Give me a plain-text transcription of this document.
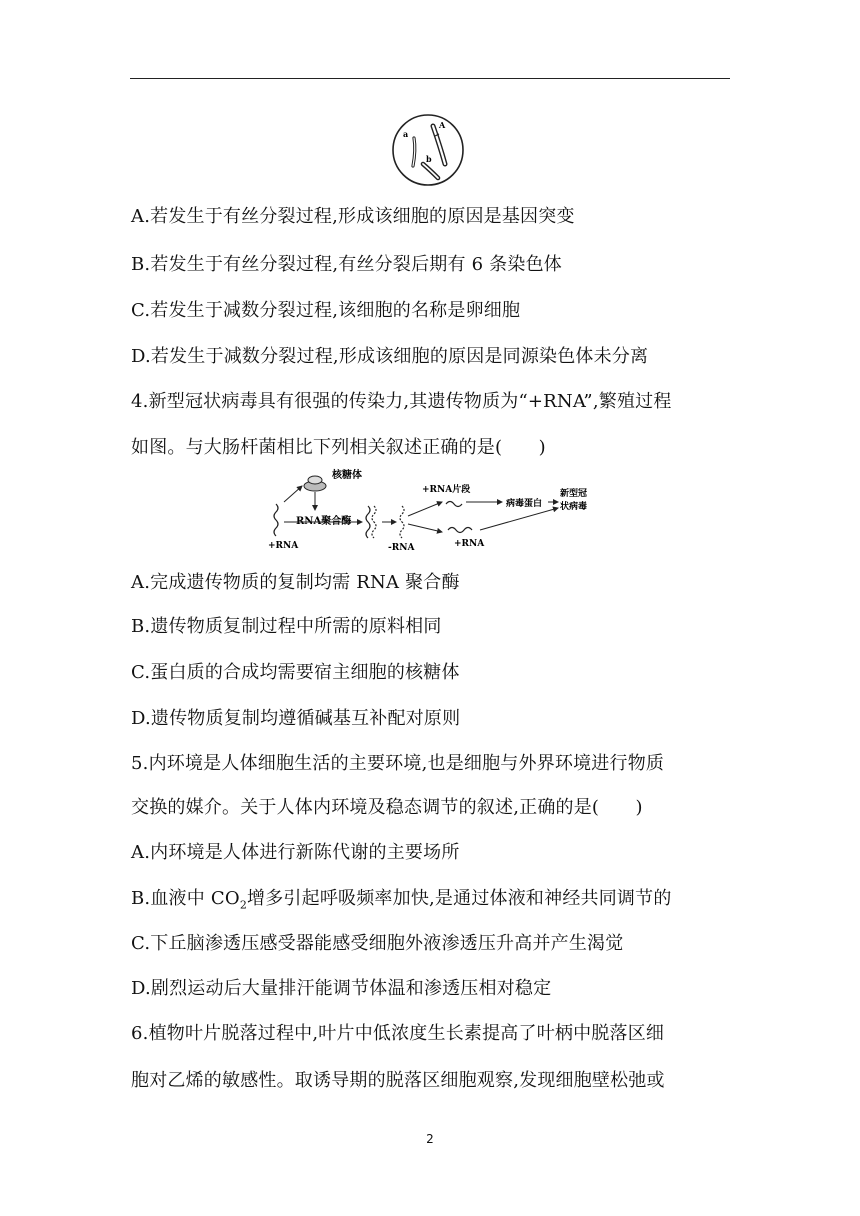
a
A
b
A.若发生于有丝分裂过程,形成该细胞的原因是基因突变
B.若发生于有丝分裂过程,有丝分裂后期有 6 条染色体
C.若发生于减数分裂过程,该细胞的名称是卵细胞
D.若发生于减数分裂过程,形成该细胞的原因是同源染色体未分离
4.新型冠状病毒具有很强的传染力,其遗传物质为“+RNA”,繁殖过程
如图。与大肠杆菌相比下列相关叙述正确的是(　　)
核糖体
RNA聚合酶
+RNA	-RNA
+RNA片段
病毒蛋白
+RNA
新型冠
状病毒
A.完成遗传物质的复制均需 RNA 聚合酶
B.遗传物质复制过程中所需的原料相同
C.蛋白质的合成均需要宿主细胞的核糖体
D.遗传物质复制均遵循碱基互补配对原则
5.内环境是人体细胞生活的主要环境,也是细胞与外界环境进行物质
交换的媒介。关于人体内环境及稳态调节的叙述,正确的是(　　)
A.内环境是人体进行新陈代谢的主要场所
B.血液中 $CO_2$增多引起呼吸频率加快,是通过体液和神经共同调节的
C.下丘脑渗透压感受器能感受细胞外液渗透压升高并产生渴觉
D.剧烈运动后大量排汗能调节体温和渗透压相对稳定
6.植物叶片脱落过程中,叶片中低浓度生长素提高了叶柄中脱落区细
胞对乙烯的敏感性。取诱导期的脱落区细胞观察,发现细胞壁松弛或
2
